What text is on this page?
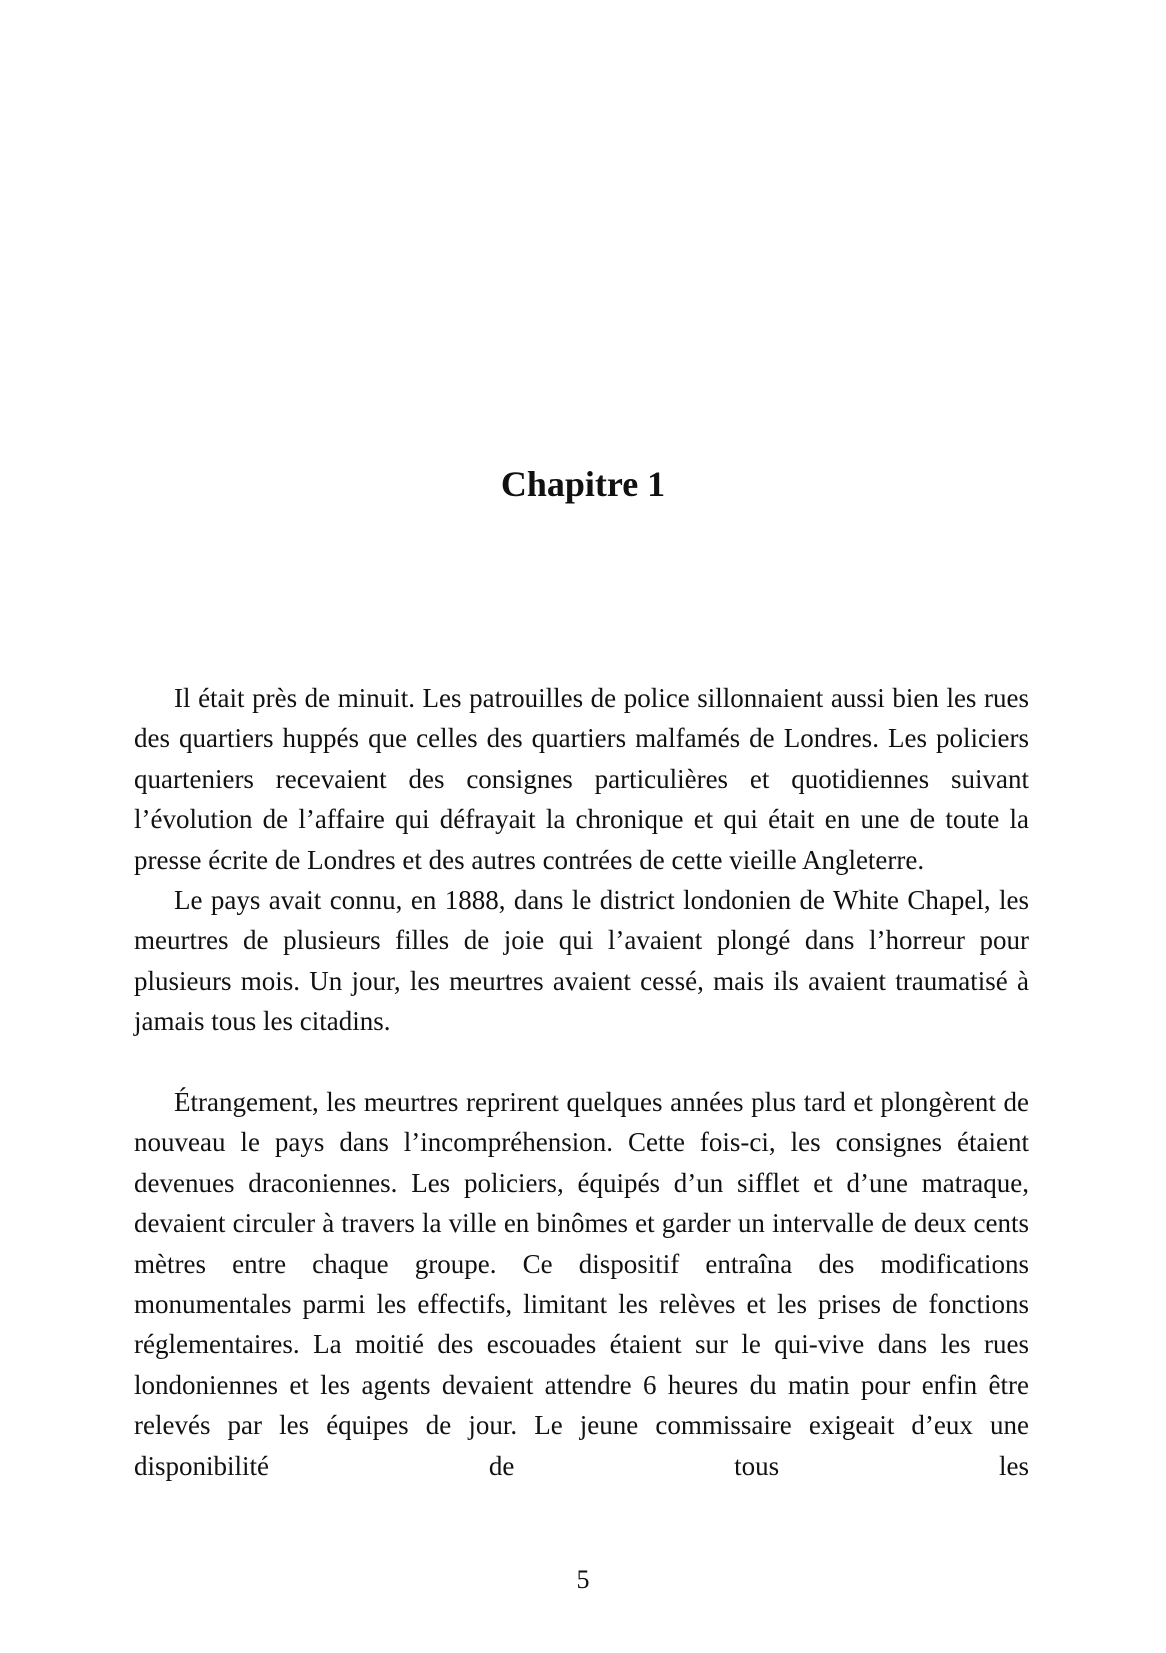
Chapitre 1

Il était près de minuit. Les patrouilles de police sillonnaient aussi bien les rues des quartiers huppés que celles des quartiers malfamés de Londres. Les policiers quarteniers recevaient des consignes particulières et quotidiennes suivant l’évolution de l’affaire qui défrayait la chronique et qui était en une de toute la presse écrite de Londres et des autres contrées de cette vieille Angleterre.

Le pays avait connu, en 1888, dans le district londonien de White Chapel, les meurtres de plusieurs filles de joie qui l’avaient plongé dans l’horreur pour plusieurs mois. Un jour, les meurtres avaient cessé, mais ils avaient traumatisé à jamais tous les citadins.

Étrangement, les meurtres reprirent quelques années plus tard et plongèrent de nouveau le pays dans l’incompréhension. Cette fois-ci, les consignes étaient devenues draconiennes. Les policiers, équipés d’un sifflet et d’une matraque, devaient circuler à travers la ville en binômes et garder un intervalle de deux cents mètres entre chaque groupe. Ce dispositif entraîna des modifications monumentales parmi les effectifs, limitant les relèves et les prises de fonctions réglementaires. La moitié des escouades étaient sur le qui-vive dans les rues londoniennes et les agents devaient attendre 6 heures du matin pour enfin être relevés par les équipes de jour. Le jeune commissaire exigeait d’eux une disponibilité de tous les

5
